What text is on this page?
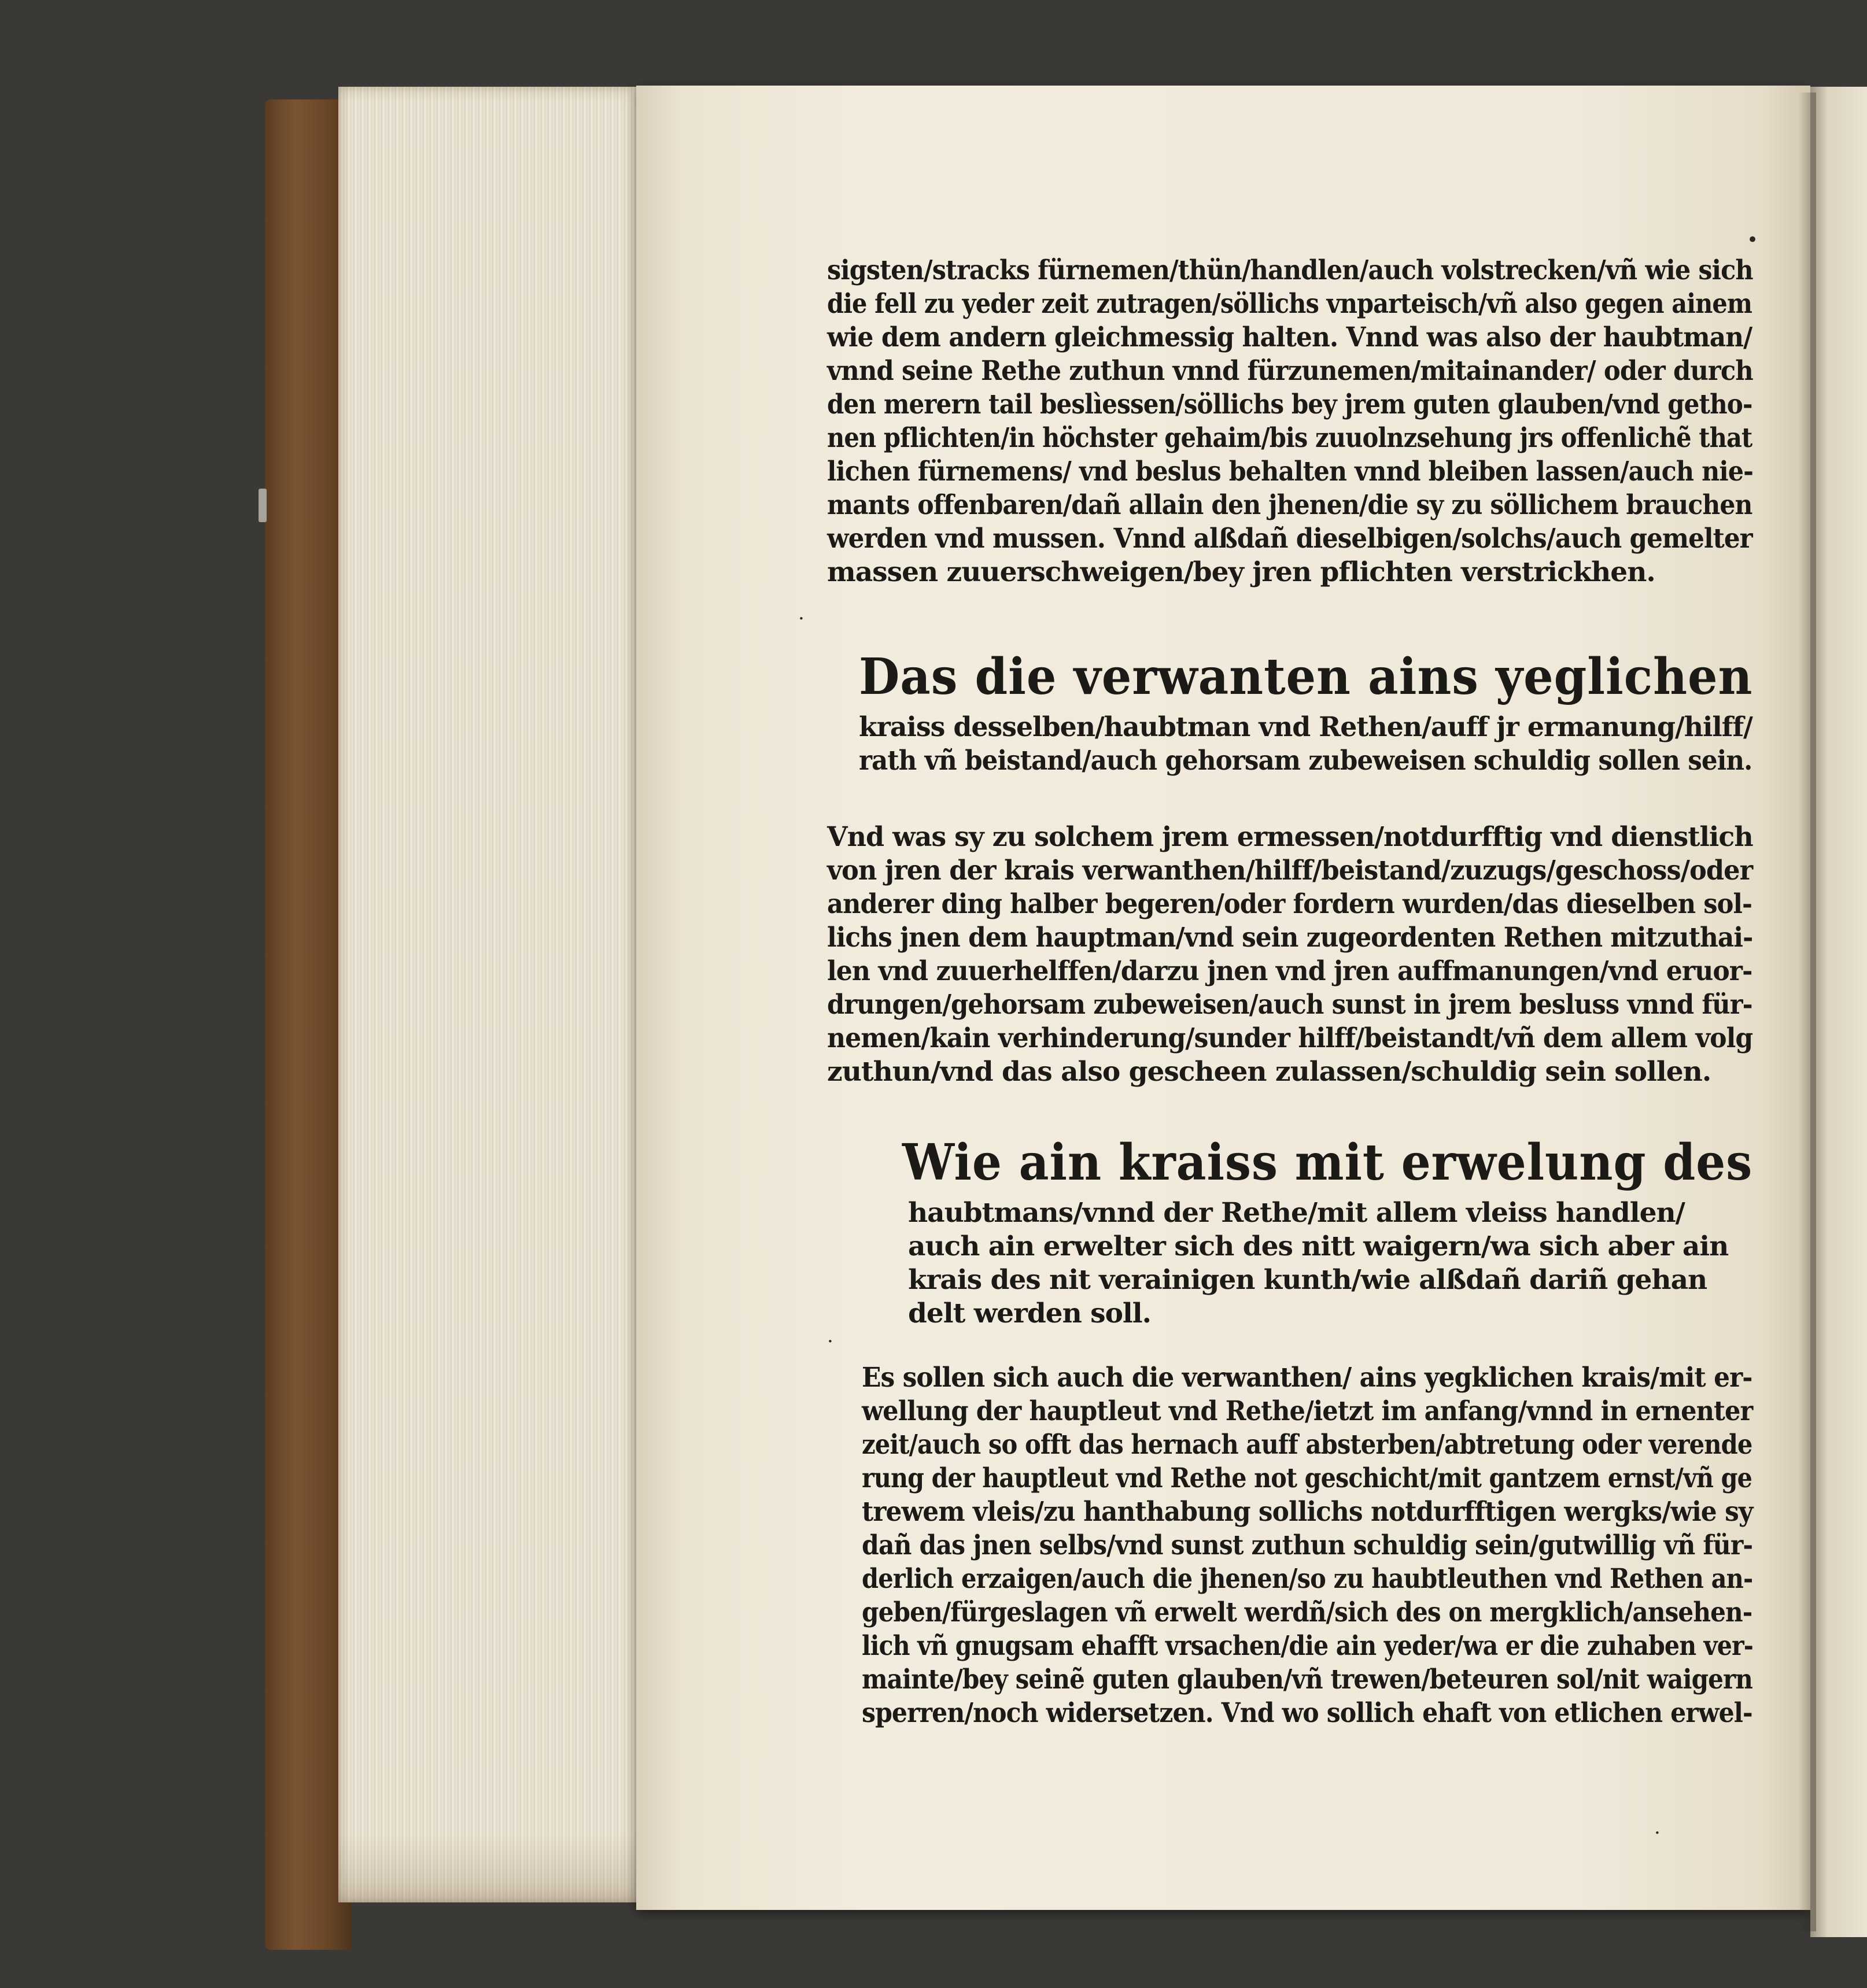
sigsten/stracks fürnemen/thün/handlen/auch volstrecken/vñ wie sich
die fell zu yeder zeit zutragen/söllichs vnparteisch/vñ also gegen ainem
wie dem andern gleichmessig halten. Vnnd was also der haubtman/
vnnd seine Rethe zuthun vnnd fürzunemen/mitainander/ oder durch
den merern tail beslìessen/söllichs bey jrem guten glauben/vnd getho-
nen pflichten/in höchster gehaim/bis zuuolnzsehung jrs offenlichẽ that
lichen fürnemens/ vnd beslus behalten vnnd bleiben lassen/auch nie-
mants offenbaren/dañ allain den jhenen/die sy zu söllichem brauchen
werden vnd mussen. Vnnd alßdañ dieselbigen/solchs/auch gemelter
massen zuuerschweigen/bey jren pflichten verstrickhen.
Das die verwanten ains yeglichen
kraiss desselben/haubtman vnd Rethen/auff jr ermanung/hilff/
rath vñ beistand/auch gehorsam zubeweisen schuldig sollen sein.
Vnd was sy zu solchem jrem ermessen/notdurfftig vnd dienstlich
von jren der krais verwanthen/hilff/beistand/zuzugs/geschoss/oder
anderer ding halber begeren/oder fordern wurden/das dieselben sol-
lichs jnen dem hauptman/vnd sein zugeordenten Rethen mitzuthai-
len vnd zuuerhelffen/darzu jnen vnd jren auffmanungen/vnd eruor-
drungen/gehorsam zubeweisen/auch sunst in jrem besluss vnnd für-
nemen/kain verhinderung/sunder hilff/beistandt/vñ dem allem volg
zuthun/vnd das also gescheen zulassen/schuldig sein sollen.
Wie ain kraiss mit erwelung des
haubtmans/vnnd der Rethe/mit allem vleiss handlen/
auch ain erwelter sich des nitt waigern/wa sich aber ain
krais des nit verainigen kunth/wie alßdañ dariñ gehan
delt werden soll.
Es sollen sich auch die verwanthen/ ains yegklichen krais/mit er-
wellung der hauptleut vnd Rethe/ietzt im anfang/vnnd in ernenter
zeit/auch so offt das hernach auff absterben/abtretung oder verende
rung der hauptleut vnd Rethe not geschicht/mit gantzem ernst/vñ ge
trewem vleis/zu hanthabung sollichs notdurfftigen wergks/wie sy
dañ das jnen selbs/vnd sunst zuthun schuldig sein/gutwillig vñ für-
derlich erzaigen/auch die jhenen/so zu haubtleuthen vnd Rethen an-
geben/fürgeslagen vñ erwelt werdñ/sich des on mergklich/ansehen-
lich vñ gnugsam ehafft vrsachen/die ain yeder/wa er die zuhaben ver-
mainte/bey seinẽ guten glauben/vñ trewen/beteuren sol/nit waigern
sperren/noch widersetzen. Vnd wo sollich ehaft von etlichen erwel-
•
·
·
·
